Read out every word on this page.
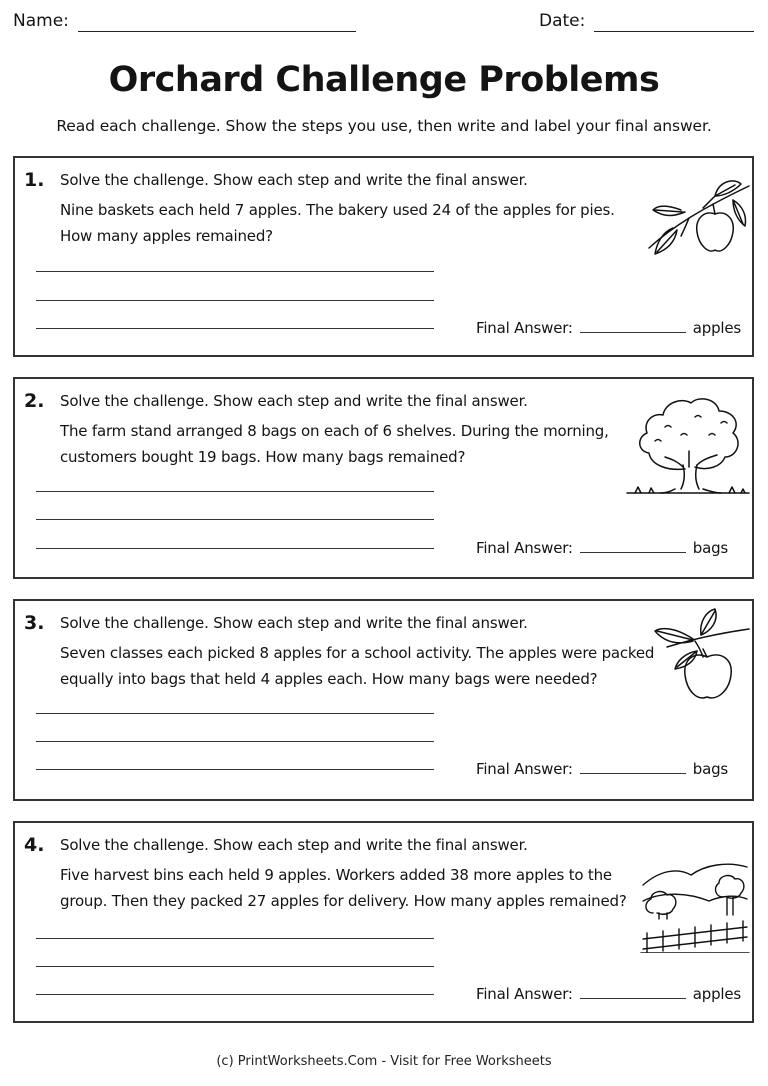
Name:	Date:
Orchard Challenge Problems
Read each challenge. Show the steps you use, then write and label your final answer.
1. Solve the challenge. Show each step and write the final answer.
Nine baskets each held 7 apples. The bakery used 24 of the apples for pies. How many apples remained?
Final Answer:	apples
2. Solve the challenge. Show each step and write the final answer.
The farm stand arranged 8 bags on each of 6 shelves. During the morning, customers bought 19 bags. How many bags remained?
Final Answer:	bags
3. Solve the challenge. Show each step and write the final answer.
Seven classes each picked 8 apples for a school activity. The apples were packed equally into bags that held 4 apples each. How many bags were needed?
Final Answer:	bags
4. Solve the challenge. Show each step and write the final answer.
Five harvest bins each held 9 apples. Workers added 38 more apples to the group. Then they packed 27 apples for delivery. How many apples remained?
Final Answer:	apples
(c) PrintWorksheets.Com - Visit for Free Worksheets
